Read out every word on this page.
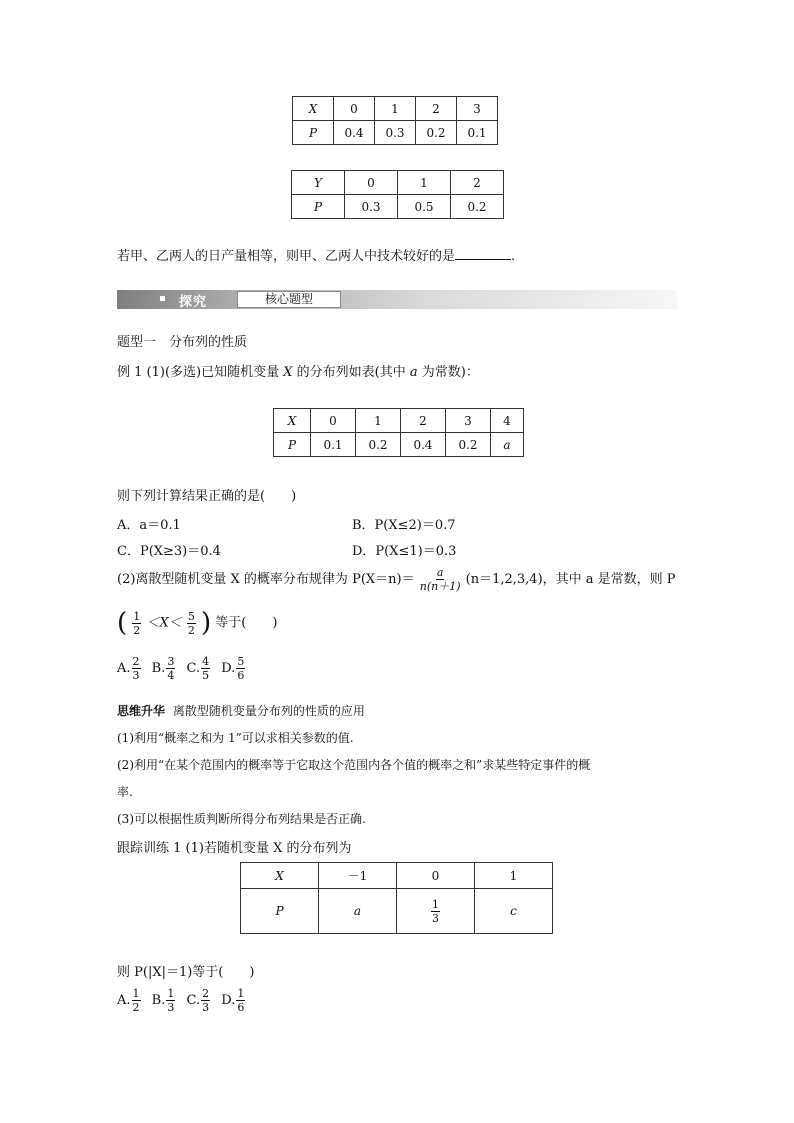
X	0	1	2	3
P	0.4	0.3	0.2	0.1
Y	0	1	2
P	0.3	0.5	0.2
若甲、乙两人的日产量相等，则甲、乙两人中技术较好的是	.
探究	核心题型
题型一　分布列的性质
例 1 (1)(多选)已知随机变量 X 的分布列如表(其中 a 为常数)：
X	0	1	2	3	4
P	0.1	0.2	0.4	0.2	a
则下列计算结果正确的是(　　)
A．a＝0.1	B．P(X≤2)＝0.7
C．P(X≥3)＝0.4	D．P(X≤1)＝0.3
(2)离散型随机变量 X 的概率分布规律为 $P(X=n)= \frac{a}{n(n+1)} (n=1,2,3,4)$，其中 a 是常数，则 P
( $\frac{1}{2} <X< \frac{5}{2}$ ) 等于(　　)
A. $\frac{2}{3} B$. $\frac{3}{4} C$. $\frac{4}{5} D$. $\frac{5}{6}$
思维升华 离散型随机变量分布列的性质的应用
(1)利用“概率之和为 1”可以求相关参数的值.
(2)利用“在某个范围内的概率等于它取这个范围内各个值的概率之和”求某些特定事件的概
率.
(3)可以根据性质判断所得分布列结果是否正确.
跟踪训练 1 (1)若随机变量 X 的分布列为
X	－1	0	1
P	a	$\frac{1}{3}$	c
则 P(|X|＝1)等于(　　)
A. $\frac{1}{2} B$. $\frac{1}{3} C$. $\frac{2}{3} D$. $\frac{1}{6}$
